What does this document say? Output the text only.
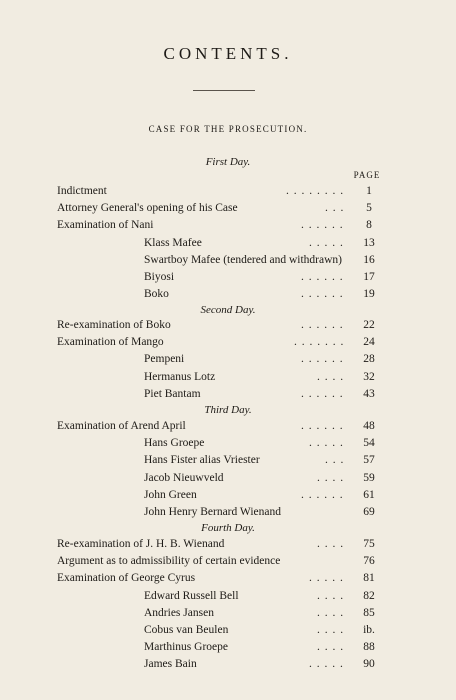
CONTENTS.
CASE FOR THE PROSECUTION.
PAGE
First Day.
Indictment	. . . . . . . .	1
Attorney General's opening of his Case	. . .	5
Examination of Nani	. . . . . .	8
Klass Mafee	. . . . .	13
Swartboy Mafee (tendered and withdrawn)	16
Biyosi	. . . . . .	17
Boko	. . . . . .	19
Second Day.
Re-examination of Boko	. . . . . .	22
Examination of Mango	. . . . . . .	24
Pempeni	. . . . . .	28
Hermanus Lotz	. . . .	32
Piet Bantam	. . . . . .	43
Third Day.
Examination of Arend April	. . . . . .	48
Hans Groepe	. . . . .	54
Hans Fister alias Vriester	. . .	57
Jacob Nieuwveld	. . . .	59
John Green	. . . . . .	61
John Henry Bernard Wienand	69
Fourth Day.
Re-examination of J. H. B. Wienand	. . . .	75
Argument as to admissibility of certain evidence	76
Examination of George Cyrus	. . . . .	81
Edward Russell Bell	. . . .	82
Andries Jansen	. . . .	85
Cobus van Beulen	. . . .	ib.
Marthinus Groepe	. . . .	88
James Bain	. . . . .	90
